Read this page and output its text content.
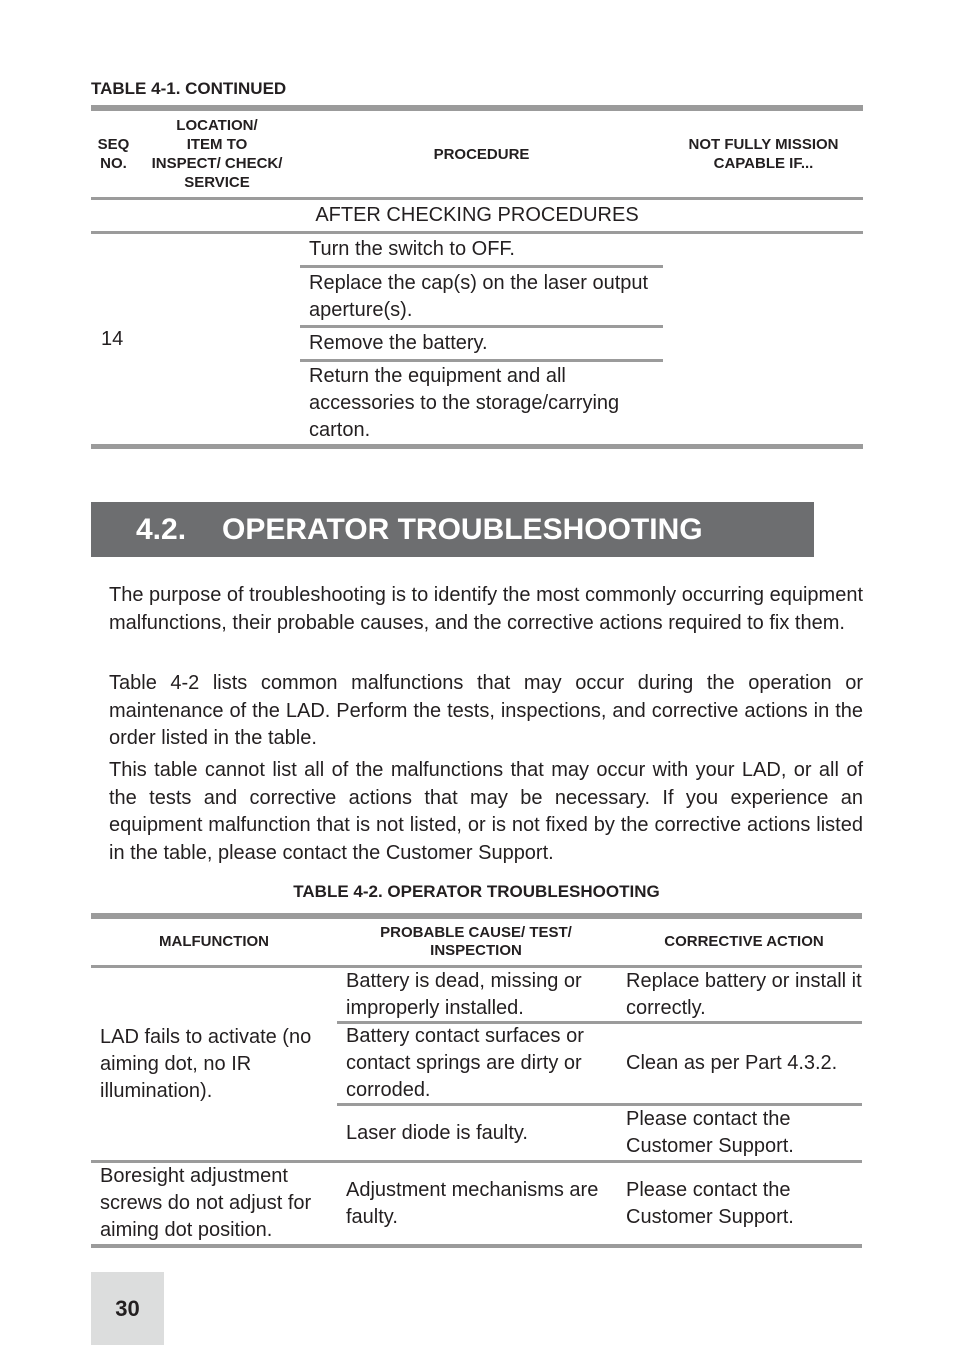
TABLE 4-1. CONTINUED
SEQ
NO.
LOCATION/
ITEM TO
INSPECT/ CHECK/
SERVICE
PROCEDURE
NOT FULLY MISSION
CAPABLE IF...
AFTER CHECKING PROCEDURES
14
Turn the switch to OFF.
Replace the cap(s) on the laser output aperture(s).
Remove the battery.
Return the equipment and all accessories to the storage/carrying carton.
4.2. OPERATOR TROUBLESHOOTING

The purpose of troubleshooting is to identify the most commonly occurring equipment malfunctions, their probable causes, and the corrective actions required to fix them.

Table 4-2 lists common malfunctions that may occur during the operation or maintenance of the LAD. Perform the tests, inspections, and corrective actions in the order listed in the table.

This table cannot list all of the malfunctions that may occur with your LAD, or all of the tests and corrective actions that may be necessary. If you experience an equipment malfunction that is not listed, or is not fixed by the corrective actions listed in the table, please contact the Customer Support.

TABLE 4-2. OPERATOR TROUBLESHOOTING
MALFUNCTION
PROBABLE CAUSE/ TEST/
INSPECTION
CORRECTIVE ACTION
LAD fails to activate (no aiming dot, no IR illumination).
Battery is dead, missing or improperly installed.
Replace battery or install it correctly.
Battery contact surfaces or contact springs are dirty or corroded.
Clean as per Part 4.3.2.
Laser diode is faulty.
Please contact the Customer Support.
Boresight adjustment screws do not adjust for aiming dot position.
Adjustment mechanisms are faulty.
Please contact the Customer Support.
30
